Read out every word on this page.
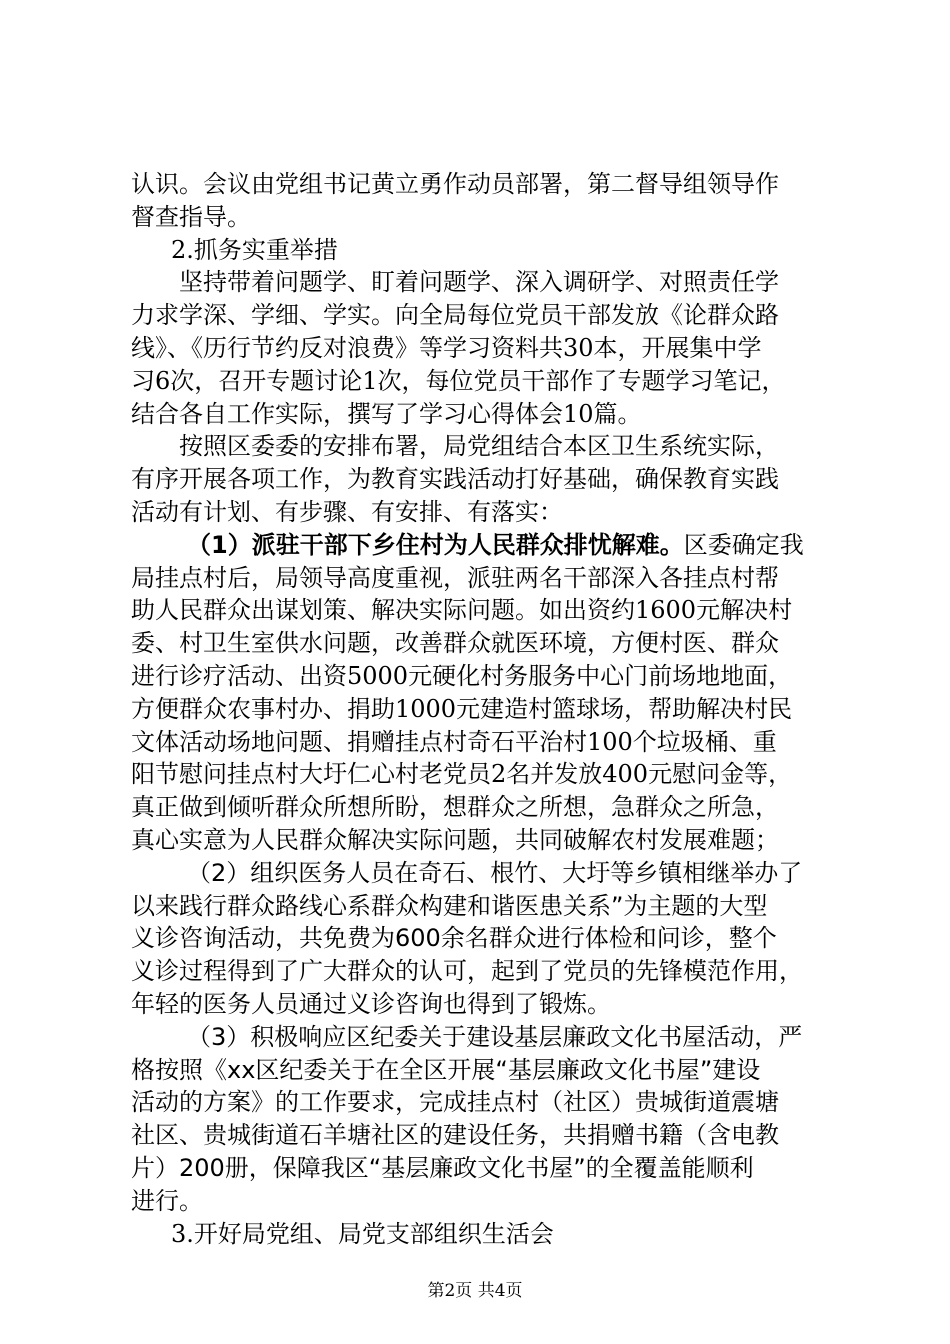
认识。会议由党组书记黄立勇作动员部署，第二督导组领导作
督查指导。
2.抓务实重举措
坚持带着问题学、盯着问题学、深入调研学、对照责任学
力求学深、学细、学实。向全局每位党员干部发放《论群众路
线》、《历行节约反对浪费》等学习资料共30本，开展集中学
习6次，召开专题讨论1次，每位党员干部作了专题学习笔记，
结合各自工作实际，撰写了学习心得体会10篇。
按照区委委的安排布署，局党组结合本区卫生系统实际，
有序开展各项工作，为教育实践活动打好基础，确保教育实践
活动有计划、有步骤、有安排、有落实：
（1）派驻干部下乡住村为人民群众排忧解难。区委确定我
局挂点村后，局领导高度重视，派驻两名干部深入各挂点村帮
助人民群众出谋划策、解决实际问题。如出资约1600元解决村
委、村卫生室供水问题，改善群众就医环境，方便村医、群众
进行诊疗活动、出资5000元硬化村务服务中心门前场地地面，
方便群众农事村办、捐助1000元建造村篮球场，帮助解决村民
文体活动场地问题、捐赠挂点村奇石平治村100个垃圾桶、重
阳节慰问挂点村大圩仁心村老党员2名并发放400元慰问金等，
真正做到倾听群众所想所盼，想群众之所想，急群众之所急，
真心实意为人民群众解决实际问题，共同破解农村发展难题；
（2）组织医务人员在奇石、根竹、大圩等乡镇相继举办了
以来践行群众路线心系群众构建和谐医患关系”为主题的大型
义诊咨询活动，共免费为600余名群众进行体检和问诊，整个
义诊过程得到了广大群众的认可，起到了党员的先锋模范作用，
年轻的医务人员通过义诊咨询也得到了锻炼。
（3）积极响应区纪委关于建设基层廉政文化书屋活动，严
格按照《xx区纪委关于在全区开展“基层廉政文化书屋”建设
活动的方案》的工作要求，完成挂点村（社区）贵城街道震塘
社区、贵城街道石羊塘社区的建设任务，共捐赠书籍（含电教
片）200册，保障我区“基层廉政文化书屋”的全覆盖能顺利
进行。
3.开好局党组、局党支部组织生活会
第2页 共4页
